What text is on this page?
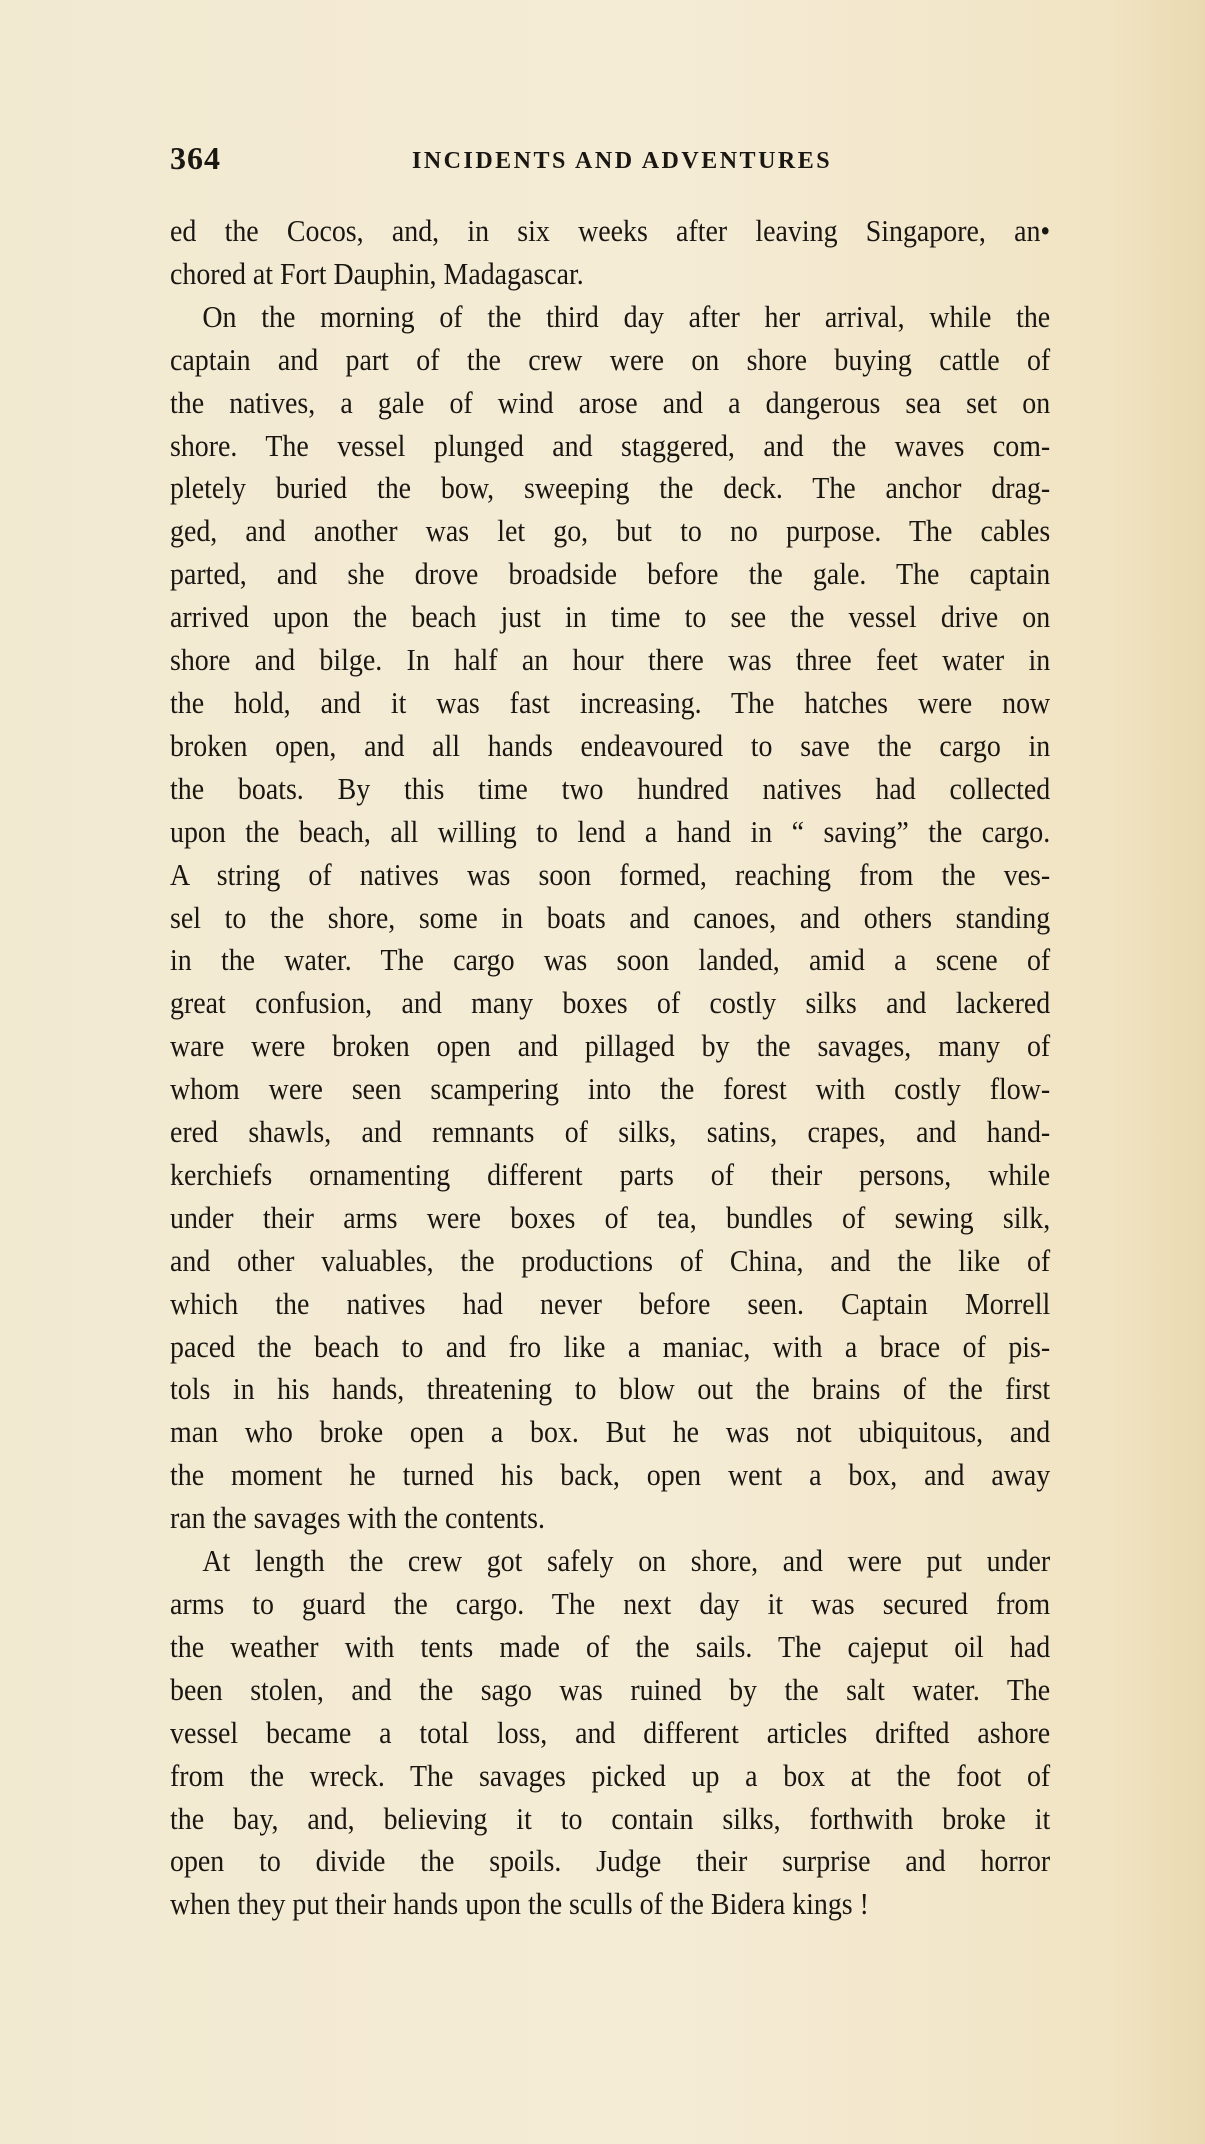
364	INCIDENTS AND ADVENTURES
ed the Cocos, and, in six weeks after leaving Singapore, an•
chored at Fort Dauphin, Madagascar.
On the morning of the third day after her arrival, while the
captain and part of the crew were on shore buying cattle of
the natives, a gale of wind arose and a dangerous sea set on
shore. The vessel plunged and staggered, and the waves com-
pletely buried the bow, sweeping the deck. The anchor drag-
ged, and another was let go, but to no purpose. The cables
parted, and she drove broadside before the gale. The captain
arrived upon the beach just in time to see the vessel drive on
shore and bilge. In half an hour there was three feet water in
the hold, and it was fast increasing. The hatches were now
broken open, and all hands endeavoured to save the cargo in
the boats. By this time two hundred natives had collected
upon the beach, all willing to lend a hand in “ saving” the cargo.
A string of natives was soon formed, reaching from the ves-
sel to the shore, some in boats and canoes, and others standing
in the water. The cargo was soon landed, amid a scene of
great confusion, and many boxes of costly silks and lackered
ware were broken open and pillaged by the savages, many of
whom were seen scampering into the forest with costly flow-
ered shawls, and remnants of silks, satins, crapes, and hand-
kerchiefs ornamenting different parts of their persons, while
under their arms were boxes of tea, bundles of sewing silk,
and other valuables, the productions of China, and the like of
which the natives had never before seen. Captain Morrell
paced the beach to and fro like a maniac, with a brace of pis-
tols in his hands, threatening to blow out the brains of the first
man who broke open a box. But he was not ubiquitous, and
the moment he turned his back, open went a box, and away
ran the savages with the contents.
At length the crew got safely on shore, and were put under
arms to guard the cargo. The next day it was secured from
the weather with tents made of the sails. The cajeput oil had
been stolen, and the sago was ruined by the salt water. The
vessel became a total loss, and different articles drifted ashore
from the wreck. The savages picked up a box at the foot of
the bay, and, believing it to contain silks, forthwith broke it
open to divide the spoils. Judge their surprise and horror
when they put their hands upon the sculls of the Bidera kings !
